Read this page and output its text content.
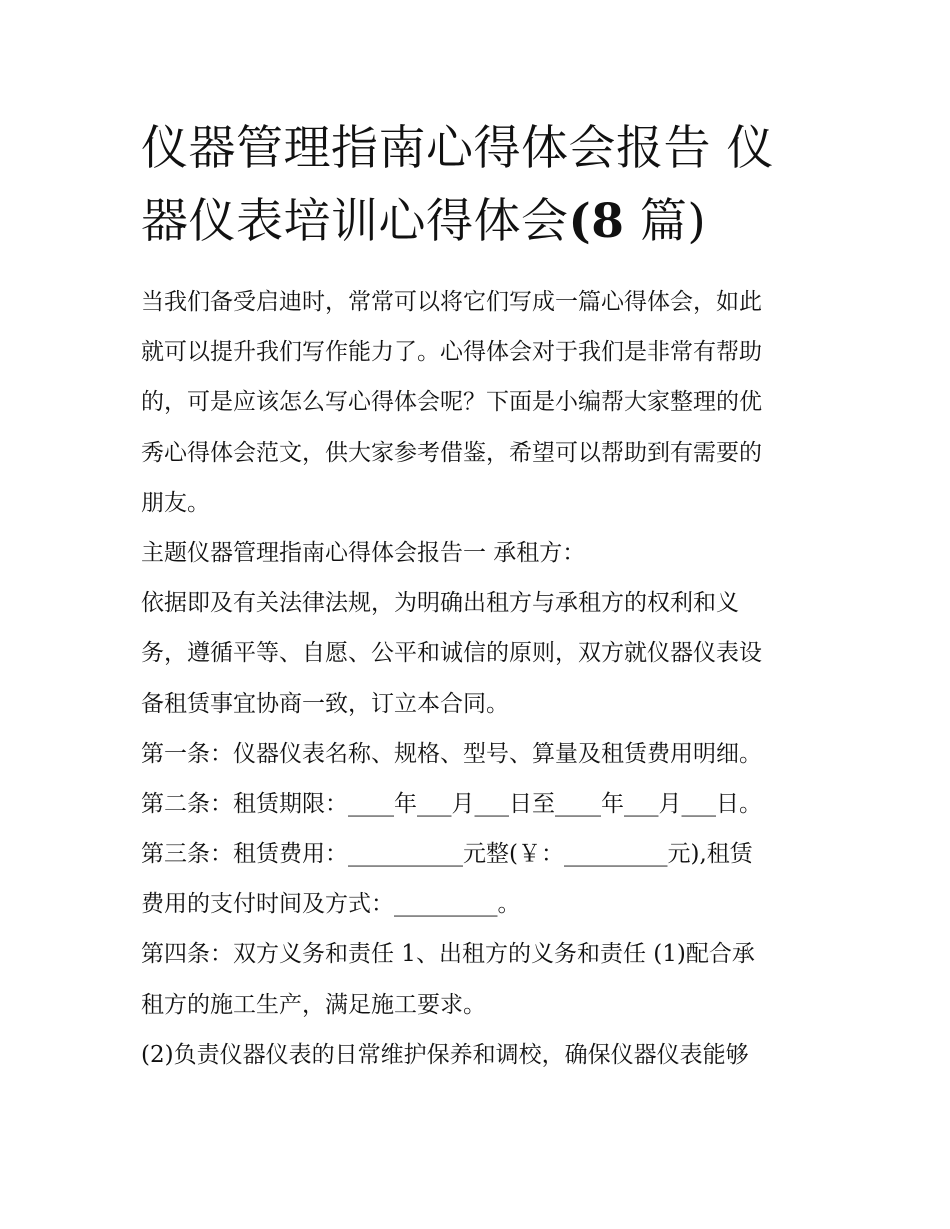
仪器管理指南心得体会报告 仪
器仪表培训心得体会(8 篇)
当我们备受启迪时，常常可以将它们写成一篇心得体会，如此
就可以提升我们写作能力了。心得体会对于我们是非常有帮助
的，可是应该怎么写心得体会呢？下面是小编帮大家整理的优
秀心得体会范文，供大家参考借鉴，希望可以帮助到有需要的
朋友。
主题仪器管理指南心得体会报告一 承租方：
依据即及有关法律法规，为明确出租方与承租方的权利和义
务，遵循平等、自愿、公平和诚信的原则，双方就仪器仪表设
备租赁事宜协商一致，订立本合同。
第一条：仪器仪表名称、规格、型号、算量及租赁费用明细。
第二条：租赁期限：____年___月___日至____年___月___日。
第三条：租赁费用：__________元整(￥：_________元),租赁
费用的支付时间及方式：_________。
第四条：双方义务和责任 1、出租方的义务和责任 (1)配合承
租方的施工生产，满足施工要求。
(2)负责仪器仪表的日常维护保养和调校，确保仪器仪表能够
